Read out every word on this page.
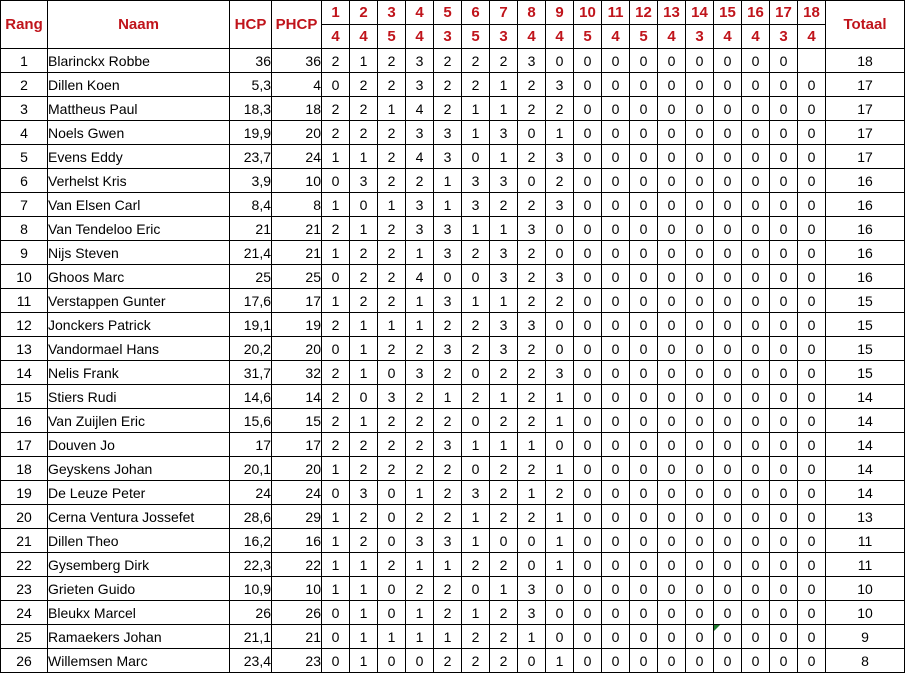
Rang	Naam	HCP	PHCP	1	2	3	4	5	6	7	8	9	10	11	12	13	14	15	16	17	18	Totaal
				4	4	5	4	3	5	3	4	4	5	4	5	4	3	4	4	3	4	
1	Blarinckx Robbe	36	36	2	1	2	3	2	2	2	3	0	0	0	0	0	0	0	0	0		18
2	Dillen Koen	5,3	4	0	2	2	3	2	2	1	2	3	0	0	0	0	0	0	0	0	0	17
3	Mattheus Paul	18,3	18	2	2	1	4	2	1	1	2	2	0	0	0	0	0	0	0	0	0	17
4	Noels Gwen	19,9	20	2	2	2	3	3	1	3	0	1	0	0	0	0	0	0	0	0	0	17
5	Evens Eddy	23,7	24	1	1	2	4	3	0	1	2	3	0	0	0	0	0	0	0	0	0	17
6	Verhelst Kris	3,9	10	0	3	2	2	1	3	3	0	2	0	0	0	0	0	0	0	0	0	16
7	Van Elsen Carl	8,4	8	1	0	1	3	1	3	2	2	3	0	0	0	0	0	0	0	0	0	16
8	Van Tendeloo Eric	21	21	2	1	2	3	3	1	1	3	0	0	0	0	0	0	0	0	0	0	16
9	Nijs Steven	21,4	21	1	2	2	1	3	2	3	2	0	0	0	0	0	0	0	0	0	0	16
10	Ghoos Marc	25	25	0	2	2	4	0	0	3	2	3	0	0	0	0	0	0	0	0	0	16
11	Verstappen Gunter	17,6	17	1	2	2	1	3	1	1	2	2	0	0	0	0	0	0	0	0	0	15
12	Jonckers Patrick	19,1	19	2	1	1	1	2	2	3	3	0	0	0	0	0	0	0	0	0	0	15
13	Vandormael Hans	20,2	20	0	1	2	2	3	2	3	2	0	0	0	0	0	0	0	0	0	0	15
14	Nelis Frank	31,7	32	2	1	0	3	2	0	2	2	3	0	0	0	0	0	0	0	0	0	15
15	Stiers Rudi	14,6	14	2	0	3	2	1	2	1	2	1	0	0	0	0	0	0	0	0	0	14
16	Van Zuijlen Eric	15,6	15	2	1	2	2	2	0	2	2	1	0	0	0	0	0	0	0	0	0	14
17	Douven Jo	17	17	2	2	2	2	3	1	1	1	0	0	0	0	0	0	0	0	0	0	14
18	Geyskens Johan	20,1	20	1	2	2	2	2	0	2	2	1	0	0	0	0	0	0	0	0	0	14
19	De Leuze Peter	24	24	0	3	0	1	2	3	2	1	2	0	0	0	0	0	0	0	0	0	14
20	Cerna Ventura Jossefet	28,6	29	1	2	0	2	2	1	2	2	1	0	0	0	0	0	0	0	0	0	13
21	Dillen Theo	16,2	16	1	2	0	3	3	1	0	0	1	0	0	0	0	0	0	0	0	0	11
22	Gysemberg Dirk	22,3	22	1	1	2	1	1	2	2	0	1	0	0	0	0	0	0	0	0	0	11
23	Grieten Guido	10,9	10	1	1	0	2	2	0	1	3	0	0	0	0	0	0	0	0	0	0	10
24	Bleukx Marcel	26	26	0	1	0	1	2	1	2	3	0	0	0	0	0	0	0	0	0	0	10
25	Ramaekers Johan	21,1	21	0	1	1	1	1	2	2	1	0	0	0	0	0	0	0	0	0	0	9
26	Willemsen Marc	23,4	23	0	1	0	0	2	2	2	0	1	0	0	0	0	0	0	0	0	0	8
